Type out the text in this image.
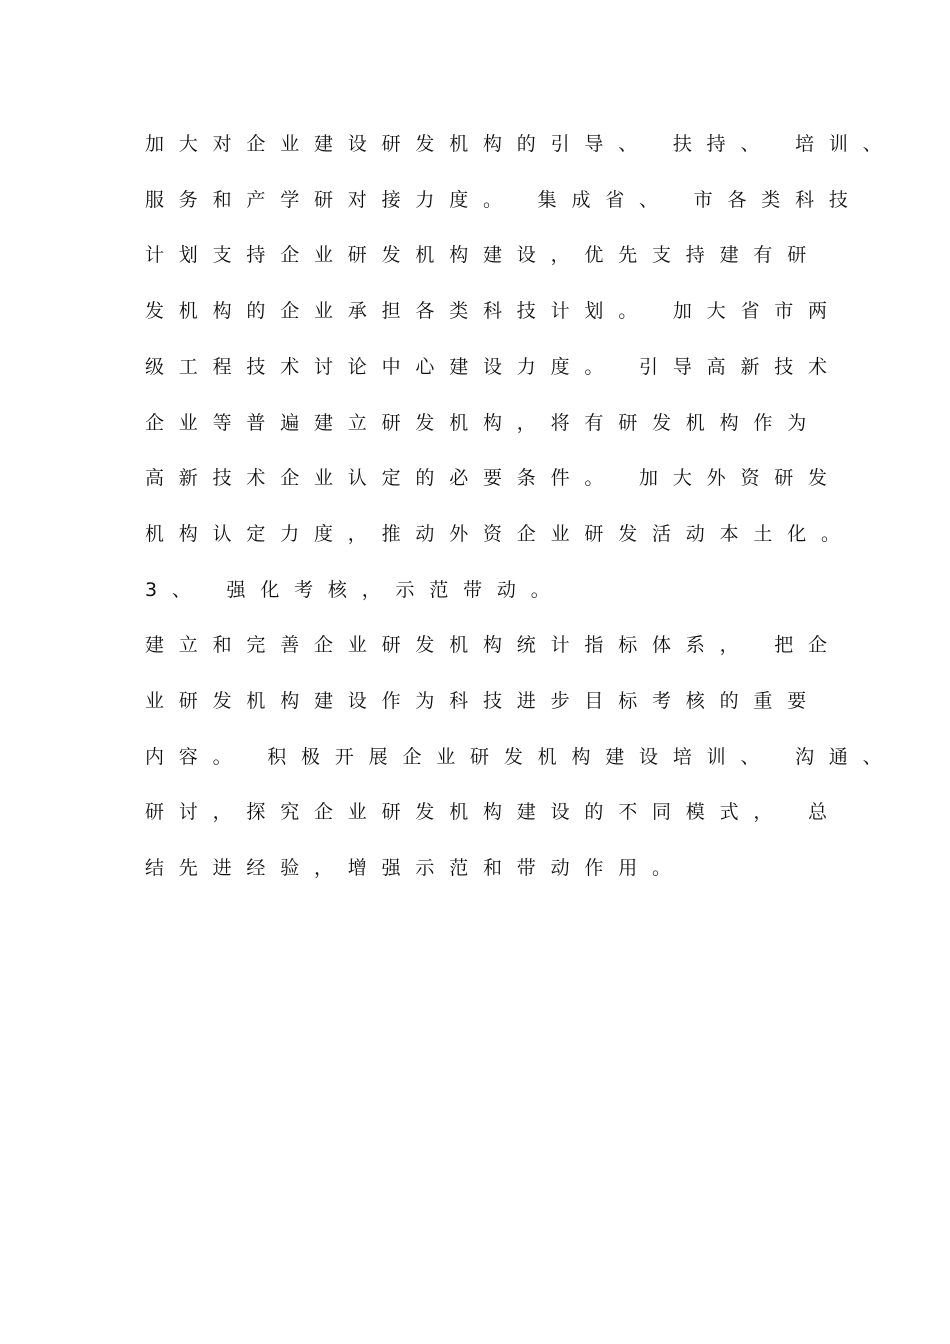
加大对企业建设研发机构的引导、 扶持、 培训、
服务和产学研对接力度。 集成省、 市各类科技
计划支持企业研发机构建设，优先支持建有研
发机构的企业承担各类科技计划。 加大省市两
级工程技术讨论中心建设力度。 引导高新技术
企业等普遍建立研发机构，将有研发机构作为
高新技术企业认定的必要条件。 加大外资研发
机构认定力度，推动外资企业研发活动本土化。
3、 强化考核，示范带动。
建立和完善企业研发机构统计指标体系， 把企
业研发机构建设作为科技进步目标考核的重要
内容。 积极开展企业研发机构建设培训、 沟通、
研讨，探究企业研发机构建设的不同模式， 总
结先进经验，增强示范和带动作用。
